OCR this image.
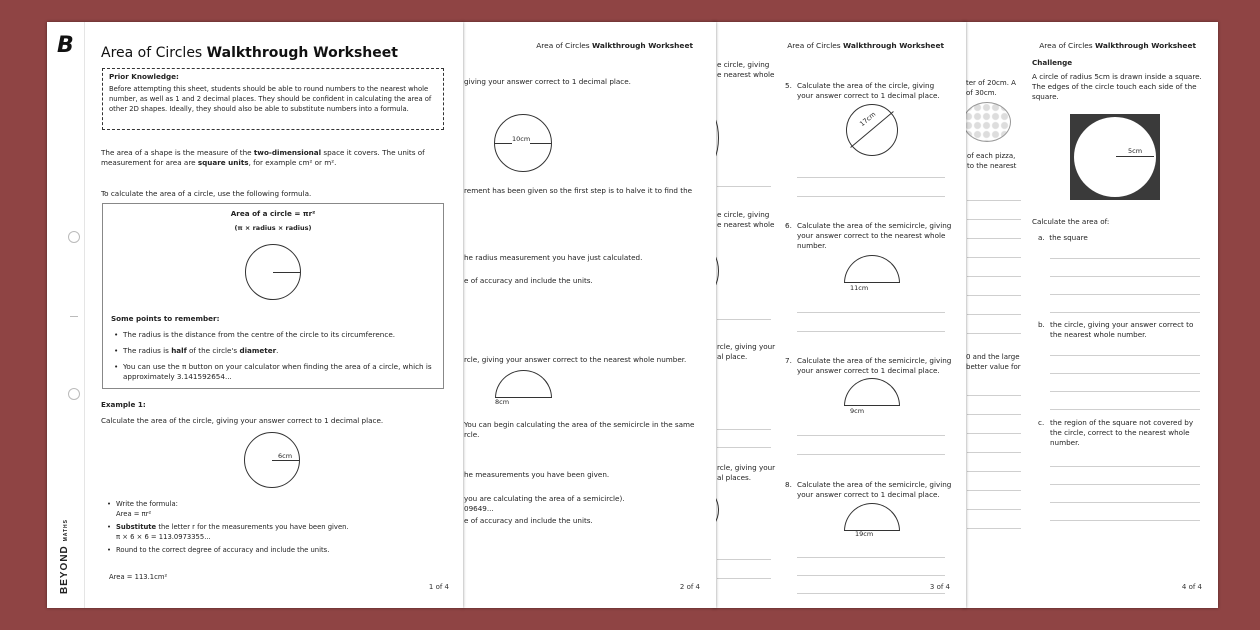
Area of Circles Walkthrough Worksheet
ter of 20cm. A
of 30cm.
of each pizza,
to the nearest
0 and the large
better value for
Challenge
A circle of radius 5cm is drawn inside a square. The edges of the circle touch each side of the square.
5cm
Calculate the area of:
a. the square
b. the circle, giving your answer correct to the nearest whole number.
c. the region of the square not covered by the circle, correct to the nearest whole number.
4 of 4
Area of Circles Walkthrough Worksheet
e circle, giving
e nearest whole
e circle, giving
e nearest whole
rcle, giving your
al place.
rcle, giving your
al places.
5. Calculate the area of the circle, giving your answer correct to 1 decimal place.
17cm
6. Calculate the area of the semicircle, giving your answer correct to the nearest whole number.
11cm
7. Calculate the area of the semicircle, giving your answer correct to 1 decimal place.
9cm
8. Calculate the area of the semicircle, giving your answer correct to 1 decimal place.
19cm
3 of 4
Area of Circles Walkthrough Worksheet
giving your answer correct to 1 decimal place.
10cm
rement has been given so the first step is to halve it to find the
he radius measurement you have just calculated.
e of accuracy and include the units.
rcle, giving your answer correct to the nearest whole number.
8cm
You can begin calculating the area of the semicircle in the same
rcle.
he measurements you have been given.
you are calculating the area of a semicircle).
09649...
e of accuracy and include the units.
2 of 4
B
BEYOND MATHS
Area of Circles Walkthrough Worksheet
Prior Knowledge:
Before attempting this sheet, students should be able to round numbers to the nearest whole number, as well as 1 and 2 decimal places. They should be confident in calculating the area of other 2D shapes. Ideally, they should also be able to substitute numbers into a formula.
The area of a shape is the measure of the two-dimensional space it covers. The units of measurement for area are square units, for example cm² or m².
To calculate the area of a circle, use the following formula.
Area of a circle = πr²
(π × radius × radius)
Some points to remember:
• The radius is the distance from the centre of the circle to its circumference.
• The radius is half of the circle's diameter.
• You can use the π button on your calculator when finding the area of a circle, which is approximately 3.141592654...
Example 1:
Calculate the area of the circle, giving your answer correct to 1 decimal place.
6cm
• Write the formula:
Area = πr²
• Substitute the letter r for the measurements you have been given.
π × 6 × 6 = 113.0973355...
• Round to the correct degree of accuracy and include the units.
Area = 113.1cm²
1 of 4
